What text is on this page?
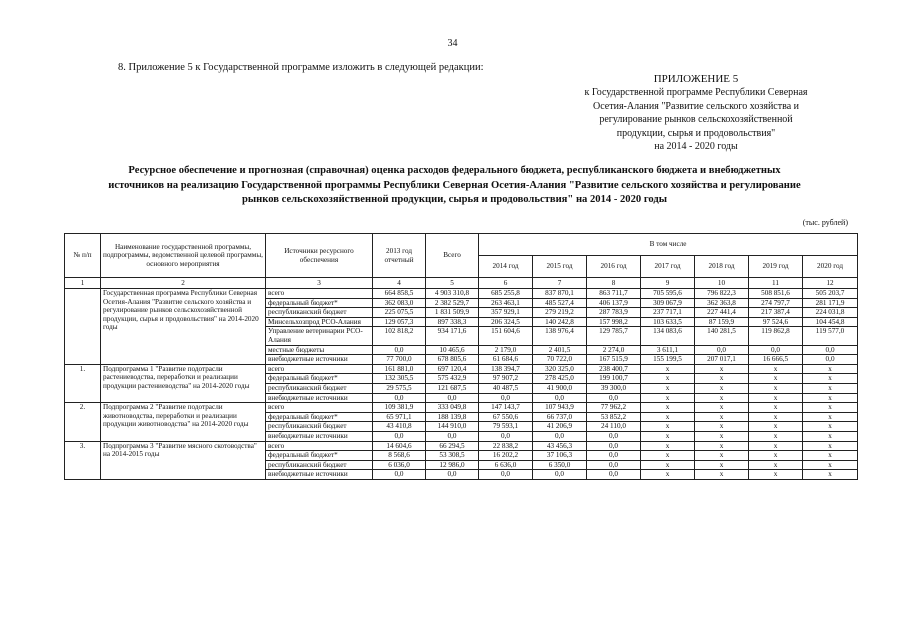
34
8. Приложение 5 к Государственной программе изложить в следующей редакции:
ПРИЛОЖЕНИЕ 5
к Государственной программе Республики Северная
Осетия-Алания "Развитие сельского хозяйства и
регулирование рынков сельскохозяйственной
продукции, сырья и продовольствия"
на 2014 - 2020 годы
Ресурсное обеспечение и прогнозная (справочная) оценка расходов федерального бюджета, республиканского бюджета и внебюджетных
источников на реализацию Государственной программы Республики Северная Осетия-Алания "Развитие сельского хозяйства и регулирование
рынков сельскохозяйственной продукции, сырья и продовольствия" на 2014 - 2020 годы
(тыс. рублей)
№ п/п	Наименование государственной программы, подпрограммы, ведомственной целевой программы, основного мероприятия	Источники ресурсного обеспечения	2013 год отчетный	Всего	В том числе						
					2014 год	2015 год	2016 год	2017 год	2018 год	2019 год	2020 год
1	2	3	4	5	6	7	8	9	10	11	12
	Государственная программа Республики Северная Осетия-Алания "Развитие сельского хозяйства и регулирование рынков сельскохозяйственной продукции, сырья и продовольствия" на 2014-2020 годы	всего	664 858,5	4 903 310,8	685 255,8	837 870,1	863 711,7	705 595,6	796 822,3	508 851,6	505 203,7
		федеральный бюджет*	362 083,0	2 382 529,7	263 463,1	485 527,4	406 137,9	309 067,9	362 363,8	274 797,7	281 171,9
		республиканский бюджет	225 075,5	1 831 509,9	357 929,1	279 219,2	287 783,9	237 717,1	227 441,4	217 387,4	224 031,8
		Минсельхозпрод РСО-Алания	129 057,3	897 338,3	206 324,5	140 242,8	157 998,2	103 633,5	87 159,9	97 524,6	104 454,8
		Управление ветеринарии РСО-Алания	102 818,2	934 171,6	151 604,6	138 976,4	129 785,7	134 083,6	140 281,5	119 862,8	119 577,0
		местные бюджеты	0,0	10 465,6	2 179,0	2 401,5	2 274,0	3 611,1	0,0	0,0	0,0
		внебюджетные источники	77 700,0	678 805,6	61 684,6	70 722,0	167 515,9	155 199,5	207 017,1	16 666,5	0,0
1.	Подпрограмма 1 "Развитие подотрасли растениеводства, переработки и реализации продукции растениеводства" на 2014-2020 годы	всего	161 881,0	697 120,4	138 394,7	320 325,0	238 400,7	x	x	x	x
		федеральный бюджет*	132 305,5	575 432,9	97 907,2	278 425,0	199 100,7	x	x	x	x
		республиканский бюджет	29 575,5	121 687,5	40 487,5	41 900,0	39 300,0	x	x	x	x
		внебюджетные источники	0,0	0,0	0,0	0,0	0,0	x	x	x	x
2.	Подпрограмма 2 "Развитие подотрасли животноводства, переработки и реализации продукции животноводства" на 2014-2020 годы	всего	109 381,9	333 049,8	147 143,7	107 943,9	77 962,2	x	x	x	x
		федеральный бюджет*	65 971,1	188 139,8	67 550,6	66 737,0	53 852,2	x	x	x	x
		республиканский бюджет	43 410,8	144 910,0	79 593,1	41 206,9	24 110,0	x	x	x	x
		внебюджетные источники	0,0	0,0	0,0	0,0	0,0	x	x	x	x
3.	Подпрограмма 3 "Развитие мясного скотоводства" на 2014-2015 годы	всего	14 604,6	66 294,5	22 838,2	43 456,3	0,0	x	x	x	x
		федеральный бюджет*	8 568,6	53 308,5	16 202,2	37 106,3	0,0	x	x	x	x
		республиканский бюджет	6 036,0	12 986,0	6 636,0	6 350,0	0,0	x	x	x	x
		внебюджетные источники	0,0	0,0	0,0	0,0	0,0	x	x	x	x
